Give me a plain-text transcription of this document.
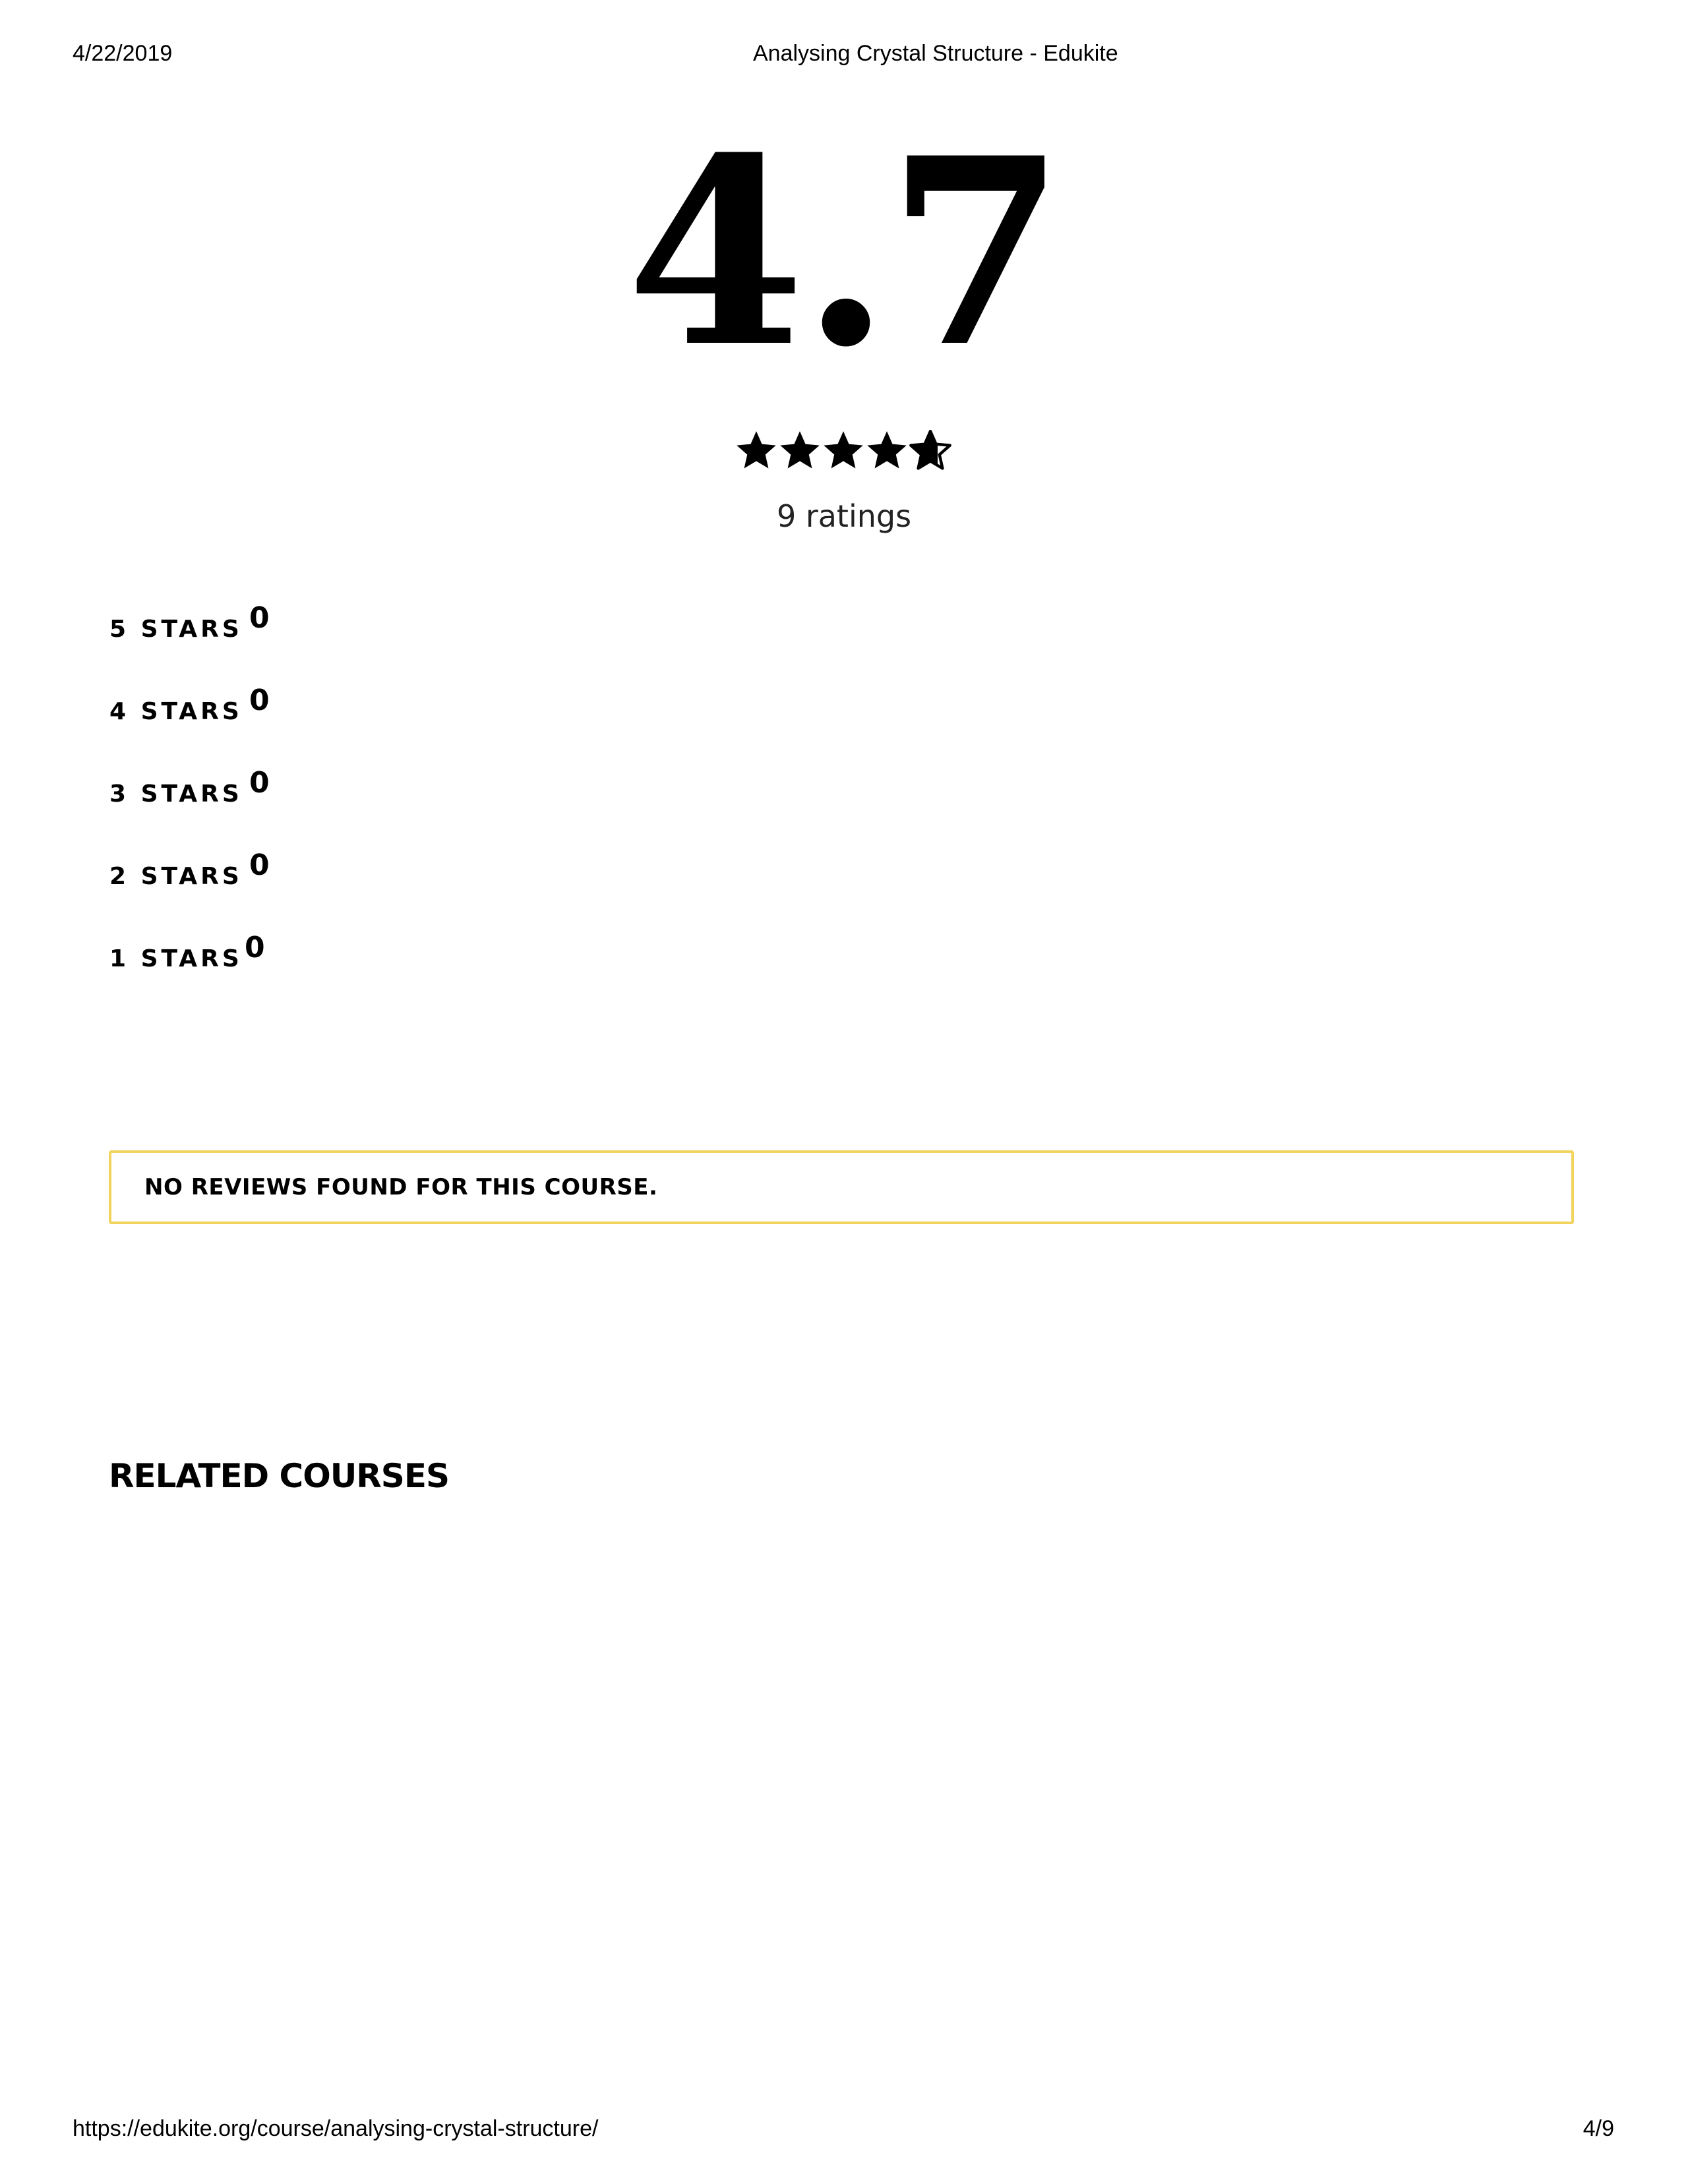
4/22/2019	Analysing Crystal Structure - Edukite
4.7
9 ratings
5 STARS 0
4 STARS 0
3 STARS 0
2 STARS 0
1 STARS 0
NO REVIEWS FOUND FOR THIS COURSE.
RELATED COURSES
https://edukite.org/course/analysing-crystal-structure/	4/9
